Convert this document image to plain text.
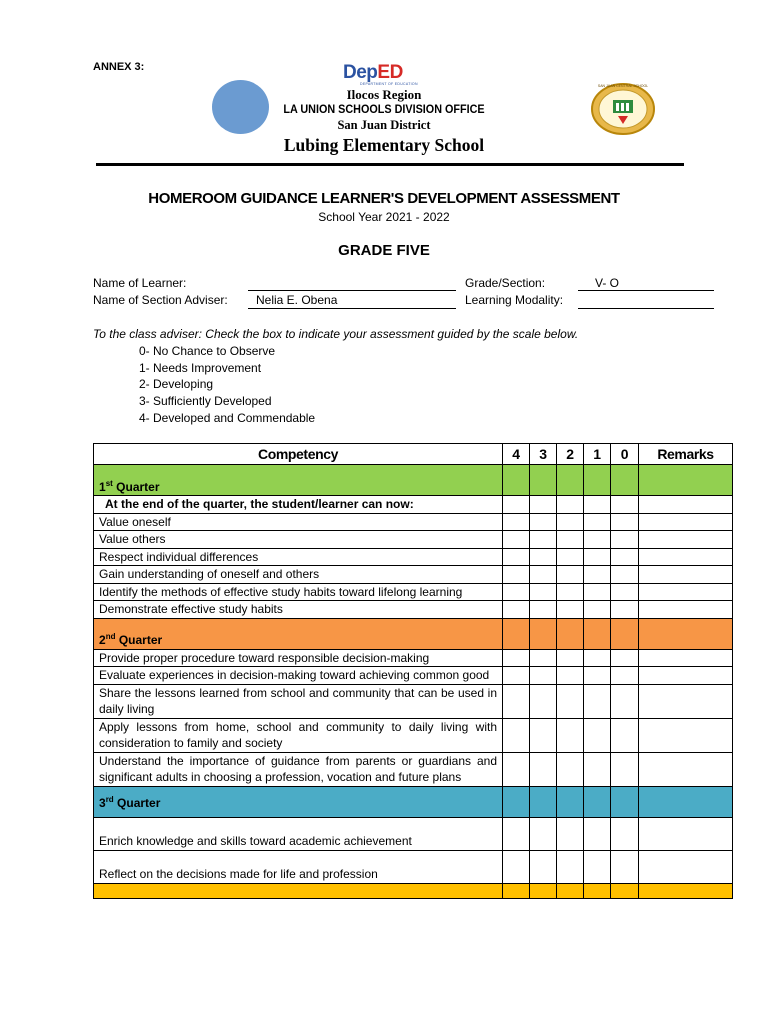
ANNEX 3:	DepED
DEPARTMENT OF EDUCATION
Ilocos Region
LA UNION SCHOOLS DIVISION OFFICE
San Juan District
Lubing Elementary School
SAN JUAN CENTRAL SCHOOL
HOMEROOM GUIDANCE LEARNER'S DEVELOPMENT ASSESSMENT
School Year 2021 - 2022
GRADE FIVE
Name of Learner:	Grade/Section:	V- O
Name of Section Adviser: Nelia E. Obena	Learning Modality:
To the class adviser: Check the box to indicate your assessment guided by the scale below.
0- No Chance to Observe
1- Needs Improvement
2- Developing
3- Sufficiently Developed
4- Developed and Commendable
Competency	4	3	2	1	0	Remarks
1st Quarter						
At the end of the quarter, the student/learner can now:						
Value oneself						
Value others						
Respect individual differences						
Gain understanding of oneself and others						
Identify the methods of effective study habits toward lifelong learning						
Demonstrate effective study habits						
2nd Quarter						
Provide proper procedure toward responsible decision-making						
Evaluate experiences in decision-making toward achieving common good						
Share the lessons learned from school and community that can be used in daily living						
Apply lessons from home, school and community to daily living with consideration to family and society						
Understand the importance of guidance from parents or guardians and significant adults in choosing a profession, vocation and future plans						
3rd Quarter						
Enrich knowledge and skills toward academic achievement						
Reflect on the decisions made for life and profession						
